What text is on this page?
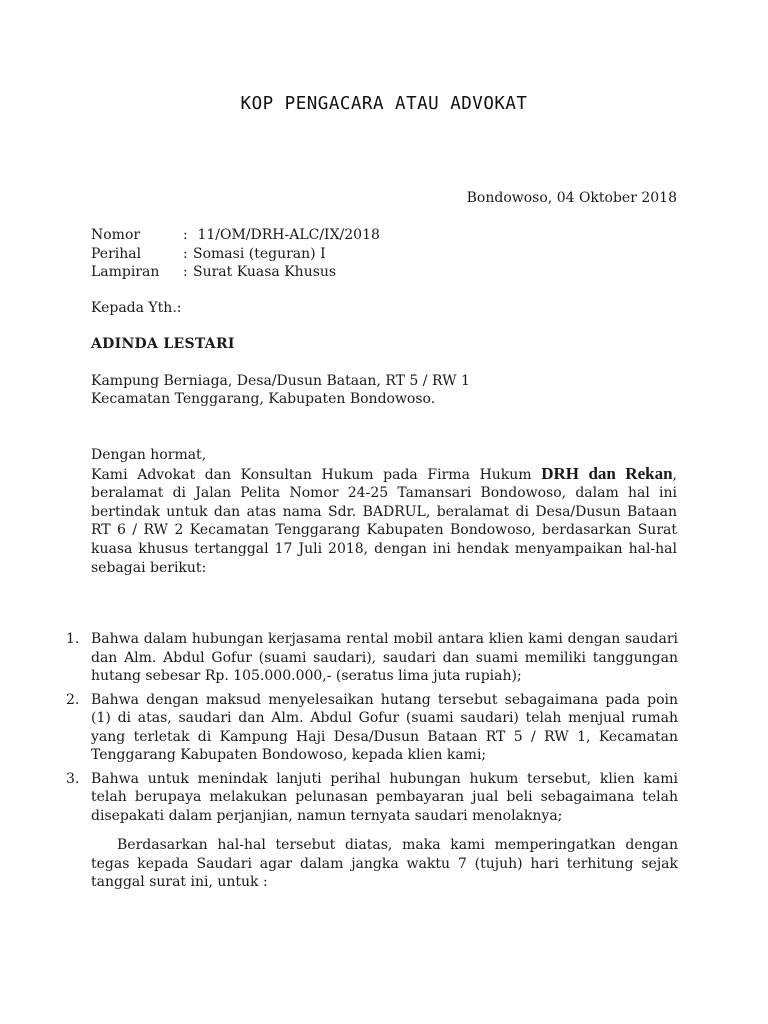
KOP PENGACARA ATAU ADVOKAT
Bondowoso, 04 Oktober 2018
Nomor	: 11/OM/DRH-ALC/IX/2018
Perihal	: Somasi (teguran) I
Lampiran	: Surat Kuasa Khusus
Kepada Yth.:
ADINDA LESTARI
Kampung Berniaga, Desa/Dusun Bataan, RT 5 / RW 1
Kecamatan Tenggarang, Kabupaten Bondowoso.
Dengan hormat,
Kami Advokat dan Konsultan Hukum pada Firma Hukum DRH dan Rekan, beralamat di Jalan Pelita Nomor 24-25 Tamansari Bondowoso, dalam hal ini bertindak untuk dan atas nama Sdr. BADRUL, beralamat di Desa/Dusun Bataan RT 6 / RW 2 Kecamatan Tenggarang Kabupaten Bondowoso, berdasarkan Surat kuasa khusus tertanggal 17 Juli 2018, dengan ini hendak menyampaikan hal-hal sebagai berikut:
1. Bahwa dalam hubungan kerjasama rental mobil antara klien kami dengan saudari dan Alm. Abdul Gofur (suami saudari), saudari dan suami memiliki tanggungan hutang sebesar Rp. 105.000.000,- (seratus lima juta rupiah);
2. Bahwa dengan maksud menyelesaikan hutang tersebut sebagaimana pada poin (1) di atas, saudari dan Alm. Abdul Gofur (suami saudari) telah menjual rumah yang terletak di Kampung Haji Desa/Dusun Bataan RT 5 / RW 1, Kecamatan Tenggarang Kabupaten Bondowoso, kepada klien kami;
3. Bahwa untuk menindak lanjuti perihal hubungan hukum tersebut, klien kami telah berupaya melakukan pelunasan pembayaran jual beli sebagaimana telah disepakati dalam perjanjian, namun ternyata saudari menolaknya;
Berdasarkan hal-hal tersebut diatas, maka kami memperingatkan dengan tegas kepada Saudari agar dalam jangka waktu 7 (tujuh) hari terhitung sejak tanggal surat ini, untuk :
